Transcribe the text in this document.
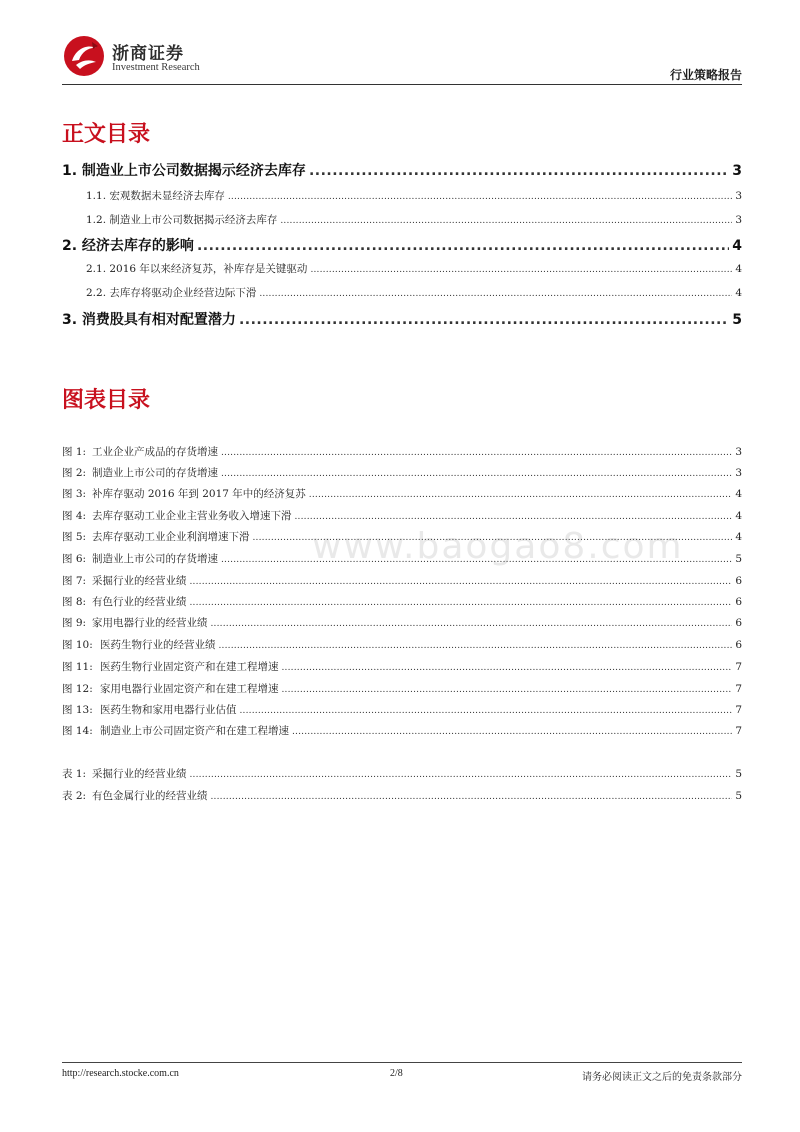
浙商证券
Investment Research
行业策略报告
正文目录
1. 制造业上市公司数据揭示经济去库存 .....	3
1.1. 宏观数据未显经济去库存 .....	3
1.2. 制造业上市公司数据揭示经济去库存 .....	3
2. 经济去库存的影响 .....	4
2.1. 2016 年以来经济复苏，补库存是关键驱动 .....	4
2.2. 去库存将驱动企业经营边际下滑 .....	4
3. 消费股具有相对配置潜力 .....	5
图表目录
图 1: 工业企业产成品的存货增速 .....	3
图 2: 制造业上市公司的存货增速 .....	3
图 3: 补库存驱动 2016 年到 2017 年中的经济复苏 .....	4
图 4: 去库存驱动工业企业主营业务收入增速下滑 .....	4
图 5: 去库存驱动工业企业利润增速下滑 .....	4
图 6: 制造业上市公司的存货增速 .....	5
图 7: 采掘行业的经营业绩 .....	6
图 8: 有色行业的经营业绩 .....	6
图 9: 家用电器行业的经营业绩 .....	6
图 10: 医药生物行业的经营业绩 .....	6
图 11: 医药生物行业固定资产和在建工程增速 .....	7
图 12: 家用电器行业固定资产和在建工程增速 .....	7
图 13: 医药生物和家用电器行业估值 .....	7
图 14: 制造业上市公司固定资产和在建工程增速 .....	7
表 1: 采掘行业的经营业绩 .....	5
表 2: 有色金属行业的经营业绩 .....	5
www.baogao8.com
http://research.stocke.com.cn	2/8	请务必阅读正文之后的免责条款部分
